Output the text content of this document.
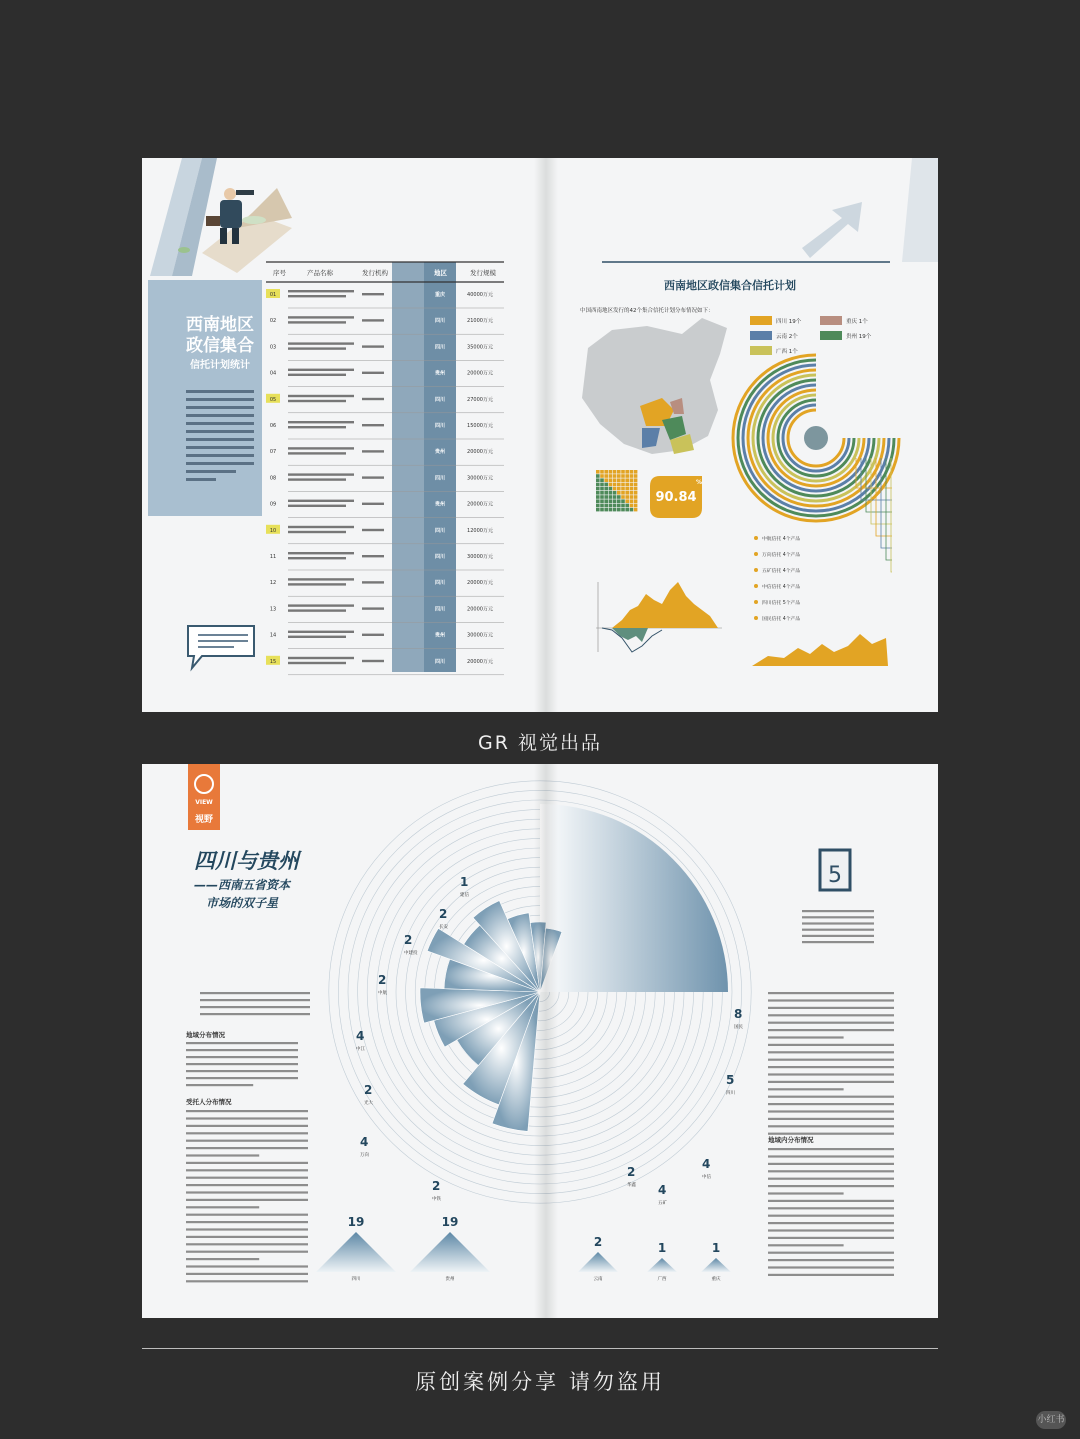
西南地区
政信集合
信托计划统计
序号	产品名称	发行机构	地区	发行规模
01	重庆	40000万元
02	四川	21000万元
03	四川	35000万元
04	贵州	20000万元
05	四川	27000万元
06	四川	15000万元
07	贵州	20000万元
08	四川	30000万元
09	贵州	20000万元
10	四川	12000万元
11	四川	30000万元
12	四川	20000万元
13	四川	20000万元
14	贵州	30000万元
15	四川	20000万元
西南地区政信集合信托计划
中国西南地区发行的42个集合信托计划分布情况如下：
四川 19个
云南 2个
广西 1个
重庆 1个
贵州 19个
90.84
%
中航信托 4个产品
万向信托 4个产品
五矿信托 4个产品
中信信托 4个产品
四川信托 5个产品
国民信托 4个产品
GR 视觉出品
VIEW
视野
四川与贵州
——西南五省资本
市场的双子星
1
建信
2
长安
2
中建投
2
中航
4
中江
2
光大
4
万向
2
中铁
2
华鑫 4
五矿
4
中信
5
四川
8
国民
地域分布情况
受托人分布情况
5
地域内分布情况
19
四川
19
贵州
2
云南
1
广西
1
重庆
原创案例分享 请勿盗用
小红书
